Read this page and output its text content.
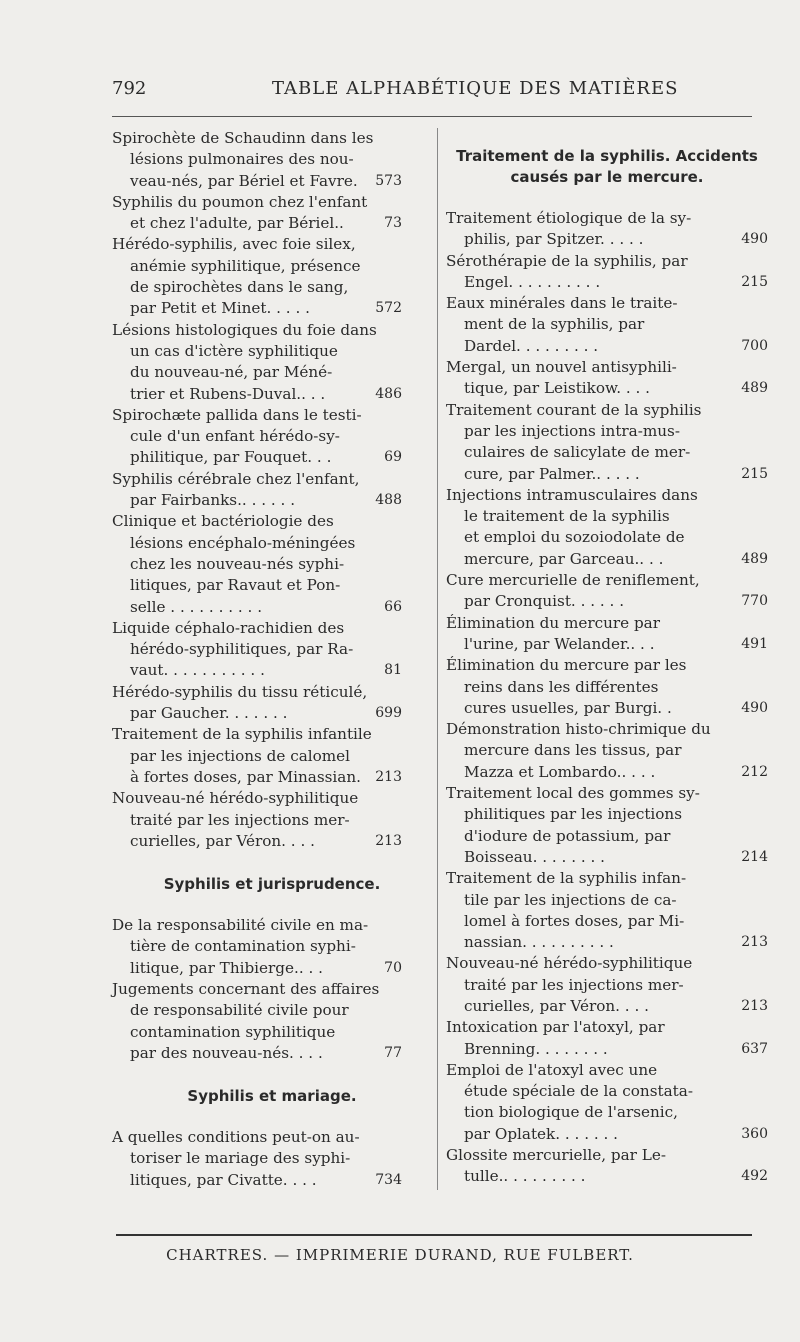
792	TABLE ALPHABÉTIQUE DES MATIÈRES
Spirochète de Schaudinn dans les
lésions pulmonaires des nou-
veau-nés, par Bériel et Favre.	573
Syphilis du poumon chez l'enfant
et chez l'adulte, par Bériel..	73
Hérédo-syphilis, avec foie silex,
anémie syphilitique, présence
de spirochètes dans le sang,
par Petit et Minet. . . . .	572
Lésions histologiques du foie dans
un cas d'ictère syphilitique
du nouveau-né, par Méné-
trier et Rubens-Duval.. . .	486
Spirochæte pallida dans le testi-
cule d'un enfant hérédo-sy-
philitique, par Fouquet. . .	69
Syphilis cérébrale chez l'enfant,
par Fairbanks.. . . . . .	488
Clinique et bactériologie des
lésions encéphalo-méningées
chez les nouveau-nés syphi-
litiques, par Ravaut et Pon-
selle . . . . . . . . . .	66
Liquide céphalo-rachidien des
hérédo-syphilitiques, par Ra-
vaut. . . . . . . . . . .	81
Hérédo-syphilis du tissu réticulé,
par Gaucher. . . . . . .	699
Traitement de la syphilis infantile
par les injections de calomel
à fortes doses, par Minassian.	213
Nouveau-né hérédo-syphilitique
traité par les injections mer-
curielles, par Véron. . . .	213
Syphilis et jurisprudence.
De la responsabilité civile en ma-
tière de contamination syphi-
litique, par Thibierge.. . .	70
Jugements concernant des affaires
de responsabilité civile pour
contamination syphilitique
par des nouveau-nés. . . .	77
Syphilis et mariage.
A quelles conditions peut-on au-
toriser le mariage des syphi-
litiques, par Civatte. . . .	734
Traitement de la syphilis. Accidents causés par le mercure.
Traitement étiologique de la sy-
philis, par Spitzer. . . . .	490
Sérothérapie de la syphilis, par
Engel. . . . . . . . . .	215
Eaux minérales dans le traite-
ment de la syphilis, par
Dardel. . . . . . . . .	700
Mergal, un nouvel antisyphili-
tique, par Leistikow. . . .	489
Traitement courant de la syphilis
par les injections intra-mus-
culaires de salicylate de mer-
cure, par Palmer.. . . . .	215
Injections intramusculaires dans
le traitement de la syphilis
et emploi du sozoiodolate de
mercure, par Garceau.. . .	489
Cure mercurielle de reniflement,
par Cronquist. . . . . .	770
Élimination du mercure par
l'urine, par Welander.. . .	491
Élimination du mercure par les
reins dans les différentes
cures usuelles, par Burgi. .	490
Démonstration histo-chrimique du
mercure dans les tissus, par
Mazza et Lombardo.. . . .	212
Traitement local des gommes sy-
philitiques par les injections
d'iodure de potassium, par
Boisseau. . . . . . . .	214
Traitement de la syphilis infan-
tile par les injections de ca-
lomel à fortes doses, par Mi-
nassian. . . . . . . . . .	213
Nouveau-né hérédo-syphilitique
traité par les injections mer-
curielles, par Véron. . . .	213
Intoxication par l'atoxyl, par
Brenning. . . . . . . .	637
Emploi de l'atoxyl avec une
étude spéciale de la constata-
tion biologique de l'arsenic,
par Oplatek. . . . . . .	360
Glossite mercurielle, par Le-
tulle.. . . . . . . . .	492
CHARTRES. — IMPRIMERIE DURAND, RUE FULBERT.
